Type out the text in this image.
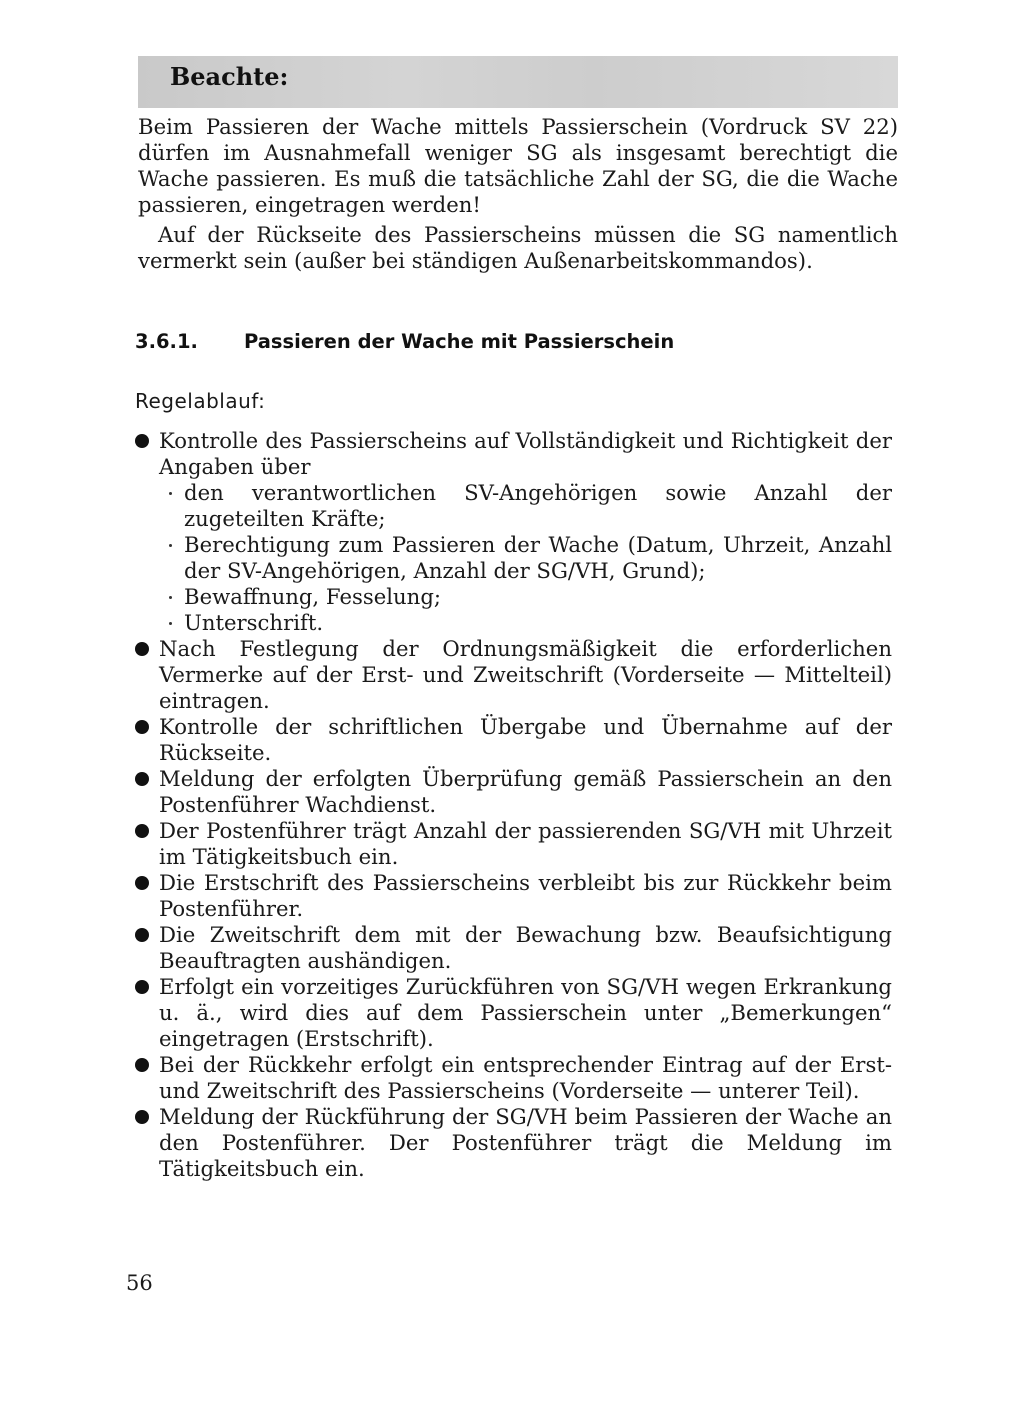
Beachte:

Beim Passieren der Wache mittels Passierschein (Vordruck SV 22) dürfen im Ausnahmefall weniger SG als insgesamt berechtigt die Wache passieren. Es muß die tatsächliche Zahl der SG, die die Wache passieren, eingetragen werden!

Auf der Rückseite des Passierscheins müssen die SG namentlich vermerkt sein (außer bei ständigen Außenarbeitskommandos).

3.6.1. Passieren der Wache mit Passierschein
Regelablauf:
Kontrolle des Passierscheins auf Vollständigkeit und Richtigkeit der Angaben über
den verantwortlichen SV-Angehörigen sowie Anzahl der zugeteilten Kräfte;
Berechtigung zum Passieren der Wache (Datum, Uhrzeit, Anzahl der SV-Angehörigen, Anzahl der SG/VH, Grund);
Bewaffnung, Fesselung;
Unterschrift.
Nach Festlegung der Ordnungsmäßigkeit die erforderlichen Vermerke auf der Erst- und Zweitschrift (Vorderseite — Mittelteil) eintragen.
Kontrolle der schriftlichen Übergabe und Übernahme auf der Rückseite.
Meldung der erfolgten Überprüfung gemäß Passierschein an den Postenführer Wachdienst.
Der Postenführer trägt Anzahl der passierenden SG/VH mit Uhrzeit im Tätigkeitsbuch ein.
Die Erstschrift des Passierscheins verbleibt bis zur Rückkehr beim Postenführer.
Die Zweitschrift dem mit der Bewachung bzw. Beaufsichtigung Beauftragten aushändigen.
Erfolgt ein vorzeitiges Zurückführen von SG/VH wegen Erkrankung u. ä., wird dies auf dem Passierschein unter „Bemerkungen“ eingetragen (Erstschrift).
Bei der Rückkehr erfolgt ein entsprechender Eintrag auf der Erst- und Zweitschrift des Passierscheins (Vorderseite — unterer Teil).
Meldung der Rückführung der SG/VH beim Passieren der Wache an den Postenführer. Der Postenführer trägt die Meldung im Tätigkeitsbuch ein.
56
